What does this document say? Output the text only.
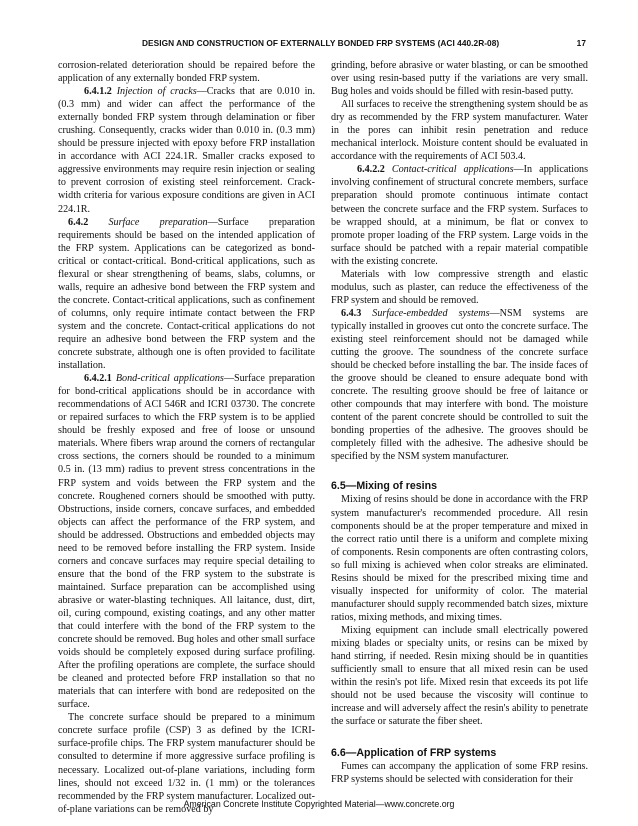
DESIGN AND CONSTRUCTION OF EXTERNALLY BONDED FRP SYSTEMS (ACI 440.2R-08)	17

corrosion-related deterioration should be repaired before the application of any externally bonded FRP system.

6.4.1.2 Injection of cracks—Cracks that are 0.010 in. (0.3 mm) and wider can affect the performance of the externally bonded FRP system through delamination or fiber crushing. Consequently, cracks wider than 0.010 in. (0.3 mm) should be pressure injected with epoxy before FRP installation in accordance with ACI 224.1R. Smaller cracks exposed to aggressive environments may require resin injection or sealing to prevent corrosion of existing steel reinforcement. Crack-width criteria for various exposure conditions are given in ACI 224.1R.

6.4.2 Surface preparation—Surface preparation requirements should be based on the intended application of the FRP system. Applications can be categorized as bond-critical or contact-critical. Bond-critical applications, such as flexural or shear strengthening of beams, slabs, columns, or walls, require an adhesive bond between the FRP system and the concrete. Contact-critical applications, such as confinement of columns, only require intimate contact between the FRP system and the concrete. Contact-critical applications do not require an adhesive bond between the FRP system and the concrete substrate, although one is often provided to facilitate installation.

6.4.2.1 Bond-critical applications—Surface preparation for bond-critical applications should be in accordance with recommendations of ACI 546R and ICRI 03730. The concrete or repaired surfaces to which the FRP system is to be applied should be freshly exposed and free of loose or unsound materials. Where fibers wrap around the corners of rectangular cross sections, the corners should be rounded to a minimum 0.5 in. (13 mm) radius to prevent stress concentrations in the FRP system and voids between the FRP system and the concrete. Roughened corners should be smoothed with putty. Obstructions, inside corners, concave surfaces, and embedded objects can affect the performance of the FRP system, and should be addressed. Obstructions and embedded objects may need to be removed before installing the FRP system. Inside corners and concave surfaces may require special detailing to ensure that the bond of the FRP system to the substrate is maintained. Surface preparation can be accomplished using abrasive or water-blasting techniques. All laitance, dust, dirt, oil, curing compound, existing coatings, and any other matter that could interfere with the bond of the FRP system to the concrete should be removed. Bug holes and other small surface voids should be completely exposed during surface profiling. After the profiling operations are complete, the surface should be cleaned and protected before FRP installation so that no materials that can interfere with bond are redeposited on the surface.

The concrete surface should be prepared to a minimum concrete surface profile (CSP) 3 as defined by the ICRI-surface-profile chips. The FRP system manufacturer should be consulted to determine if more aggressive surface profiling is necessary. Localized out-of-plane variations, including form lines, should not exceed 1/32 in. (1 mm) or the tolerances recommended by the FRP system manufacturer. Localized out-of-plane variations can be removed by

grinding, before abrasive or water blasting, or can be smoothed over using resin-based putty if the variations are very small. Bug holes and voids should be filled with resin-based putty.

All surfaces to receive the strengthening system should be as dry as recommended by the FRP system manufacturer. Water in the pores can inhibit resin penetration and reduce mechanical interlock. Moisture content should be evaluated in accordance with the requirements of ACI 503.4.

6.4.2.2 Contact-critical applications—In applications involving confinement of structural concrete members, surface preparation should promote continuous intimate contact between the concrete surface and the FRP system. Surfaces to be wrapped should, at a minimum, be flat or convex to promote proper loading of the FRP system. Large voids in the surface should be patched with a repair material compatible with the existing concrete.

Materials with low compressive strength and elastic modulus, such as plaster, can reduce the effectiveness of the FRP system and should be removed.

6.4.3 Surface-embedded systems—NSM systems are typically installed in grooves cut onto the concrete surface. The existing steel reinforcement should not be damaged while cutting the groove. The soundness of the concrete surface should be checked before installing the bar. The inside faces of the groove should be cleaned to ensure adequate bond with concrete. The resulting groove should be free of laitance or other compounds that may interfere with bond. The moisture content of the parent concrete should be controlled to suit the bonding properties of the adhesive. The grooves should be completely filled with the adhesive. The adhesive should be specified by the NSM system manufacturer.

6.5—Mixing of resins

Mixing of resins should be done in accordance with the FRP system manufacturer's recommended procedure. All resin components should be at the proper temperature and mixed in the correct ratio until there is a uniform and complete mixing of components. Resin components are often contrasting colors, so full mixing is achieved when color streaks are eliminated. Resins should be mixed for the prescribed mixing time and visually inspected for uniformity of color. The material manufacturer should supply recommended batch sizes, mixture ratios, mixing methods, and mixing times.

Mixing equipment can include small electrically powered mixing blades or specialty units, or resins can be mixed by hand stirring, if needed. Resin mixing should be in quantities sufficiently small to ensure that all mixed resin can be used within the resin's pot life. Mixed resin that exceeds its pot life should not be used because the viscosity will continue to increase and will adversely affect the resin's ability to penetrate the surface or saturate the fiber sheet.

6.6—Application of FRP systems

Fumes can accompany the application of some FRP resins. FRP systems should be selected with consideration for their

American Concrete Institute Copyrighted Material—www.concrete.org
